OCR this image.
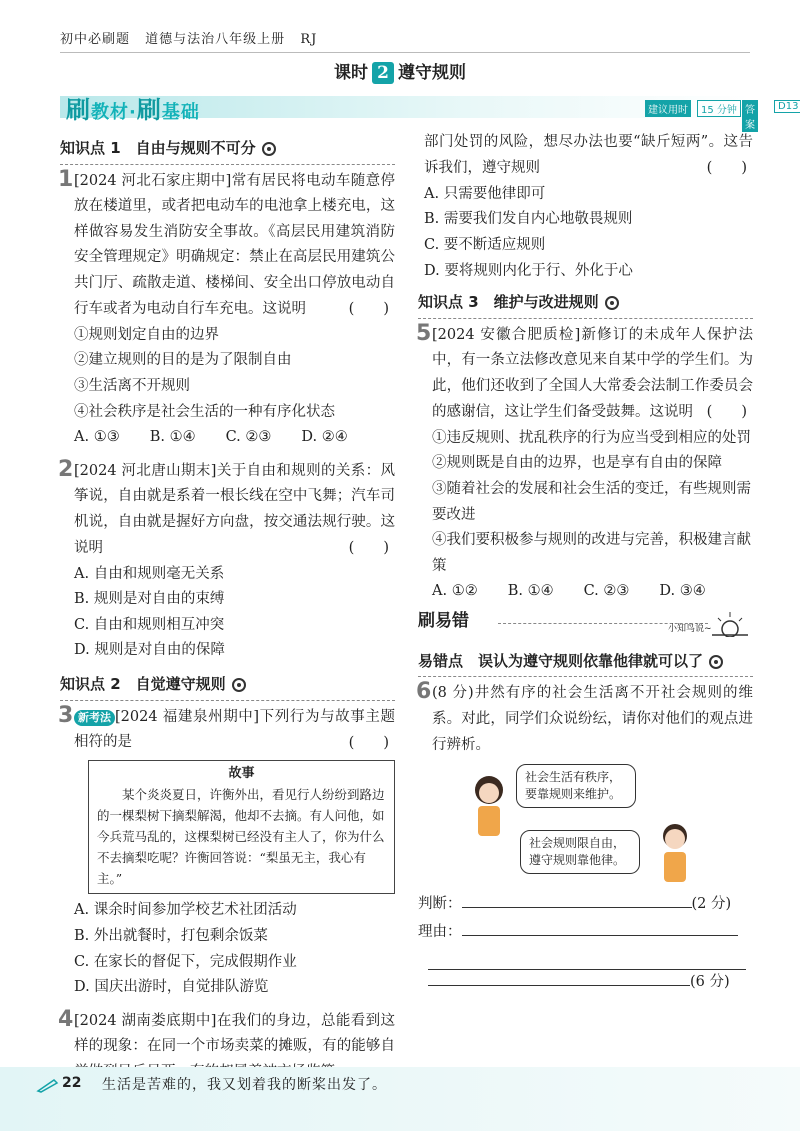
初中必刷题 道德与法治八年级上册 RJ
课时 2 遵守规则
刷教材·刷基础	建议用时	15 分钟 答案
D13
知识点 1　自由与规则不可分
1 [2024 河北石家庄期中]常有居民将电动车随意停放在楼道里，或者把电动车的电池拿上楼充电，这样做容易发生消防安全事故。《高层民用建筑消防安全管理规定》明确规定：禁止在高层民用建筑公共门厅、疏散走道、楼梯间、安全出口停放电动自行车或者为电动自行车充电。这说明	(　　)
①规则划定自由的边界
②建立规则的目的是为了限制自由
③生活离不开规则
④社会秩序是社会生活的一种有序化状态
A. ①③ B. ①④ C. ②③ D. ②④
2 [2024 河北唐山期末]关于自由和规则的关系：风筝说，自由就是系着一根长线在空中飞舞；汽车司机说，自由就是握好方向盘，按交通法规行驶。这说明	(　　)
A. 自由和规则毫无关系
B. 规则是对自由的束缚
C. 自由和规则相互冲突
D. 规则是对自由的保障
知识点 2　自觉遵守规则
3 新考法 [2024 福建泉州期中]下列行为与故事主题相符的是	(　　)
故事
某个炎炎夏日，许衡外出，看见行人纷纷到路边的一棵梨树下摘梨解渴，他却不去摘。有人问他，如今兵荒马乱的，这棵梨树已经没有主人了，你为什么不去摘梨吃呢？许衡回答说：“梨虽无主，我心有主。”
A. 课余时间参加学校艺术社团活动
B. 外出就餐时，打包剩余饭菜
C. 在家长的督促下，完成假期作业
D. 国庆出游时，自觉排队游览
4 [2024 湖南娄底期中]在我们的身边，总能看到这样的现象：在同一个市场卖菜的摊贩，有的能够自

部门处罚的风险，想尽办法也要“缺斤短两”。这告诉我们，遵守规则	(　　)
A. 只需要他律即可
B. 需要我们发自内心地敬畏规则
C. 要不断适应规则
D. 要将规则内化于行、外化于心
知识点 3　维护与改进规则
5 [2024 安徽合肥质检]新修订的未成年人保护法中，有一条立法修改意见来自某中学的学生们。为此，他们还收到了全国人大常委会法制工作委员会的感谢信，这让学生们备受鼓舞。这说明 (　　)
①违反规则、扰乱秩序的行为应当受到相应的处罚
②规则既是自由的边界，也是享有自由的保障
③随着社会的发展和社会生活的变迁，有些规则需要改进
④我们要积极参与规则的改进与完善，积极建言献策
A. ①② B. ①④ C. ②③ D. ③④
刷易错	小知鸟说~
易错点　误认为遵守规则依靠他律就可以了
6 (8 分)井然有序的社会生活离不开社会规则的维系。对此，同学们众说纷纭，请你对他们的观点进行辨析。

社会生活有秩序，要靠规则来维护。
社会规则限自由，遵守规则靠他律。
判断：	(2 分)
理由：
(6 分)
22 生活是苦难的，我又划着我的断桨出发了。
